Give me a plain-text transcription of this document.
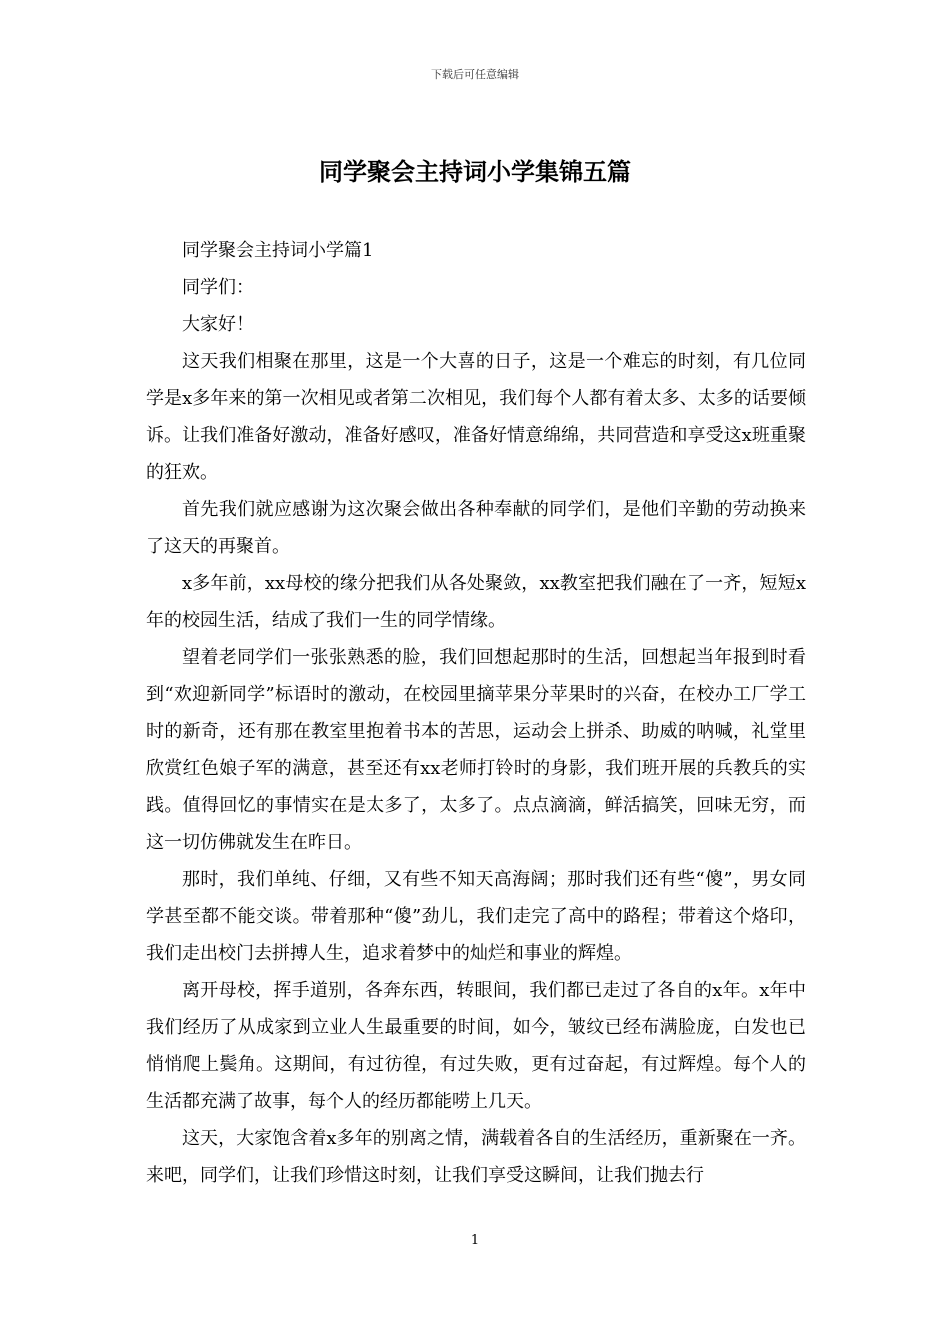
下载后可任意编辑
同学聚会主持词小学集锦五篇

同学聚会主持词小学篇1

同学们：

大家好！

这天我们相聚在那里，这是一个大喜的日子，这是一个难忘的时刻，有几位同学是x多年来的第一次相见或者第二次相见，我们每个人都有着太多、太多的话要倾诉。让我们准备好激动，准备好感叹，准备好情意绵绵，共同营造和享受这x班重聚的狂欢。

首先我们就应感谢为这次聚会做出各种奉献的同学们，是他们辛勤的劳动换来了这天的再聚首。

x多年前，xx母校的缘分把我们从各处聚敛，xx教室把我们融在了一齐，短短x年的校园生活，结成了我们一生的同学情缘。

望着老同学们一张张熟悉的脸，我们回想起那时的生活，回想起当年报到时看到“欢迎新同学”标语时的激动，在校园里摘苹果分苹果时的兴奋，在校办工厂学工时的新奇，还有那在教室里抱着书本的苦思，运动会上拼杀、助威的呐喊，礼堂里欣赏红色娘子军的满意，甚至还有xx老师打铃时的身影，我们班开展的兵教兵的实践。值得回忆的事情实在是太多了，太多了。点点滴滴，鲜活搞笑，回味无穷，而这一切仿佛就发生在昨日。

那时，我们单纯、仔细，又有些不知天高海阔；那时我们还有些“傻”，男女同学甚至都不能交谈。带着那种“傻”劲儿，我们走完了高中的路程；带着这个烙印，我们走出校门去拼搏人生，追求着梦中的灿烂和事业的辉煌。

离开母校，挥手道别，各奔东西，转眼间，我们都已走过了各自的x年。x年中我们经历了从成家到立业人生最重要的时间，如今，皱纹已经布满脸庞，白发也已悄悄爬上鬓角。这期间，有过彷徨，有过失败，更有过奋起，有过辉煌。每个人的生活都充满了故事，每个人的经历都能唠上几天。

这天，大家饱含着x多年的别离之情，满载着各自的生活经历，重新聚在一齐。来吧，同学们，让我们珍惜这时刻，让我们享受这瞬间，让我们抛去行

1
